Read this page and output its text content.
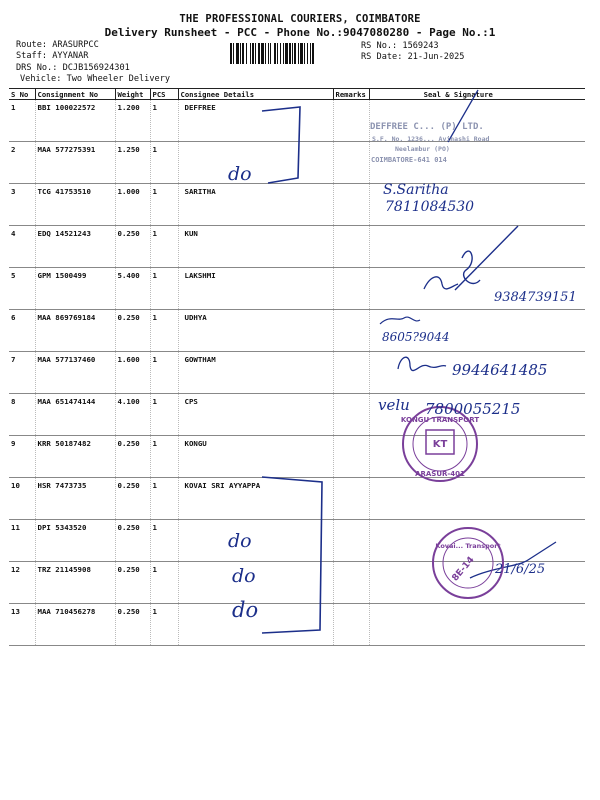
THE PROFESSIONAL COURIERS, COIMBATORE
Delivery Runsheet - PCC - Phone No.:9047080280 - Page No.:1
Route: ARASURPCC
Staff: AYYANAR
DRS No.: DCJB156924301
Vehicle: Two Wheeler Delivery
RS No.: 1569243
RS Date: 21-Jun-2025
S No	Consignment No	Weight	PCS	Consignee Details	Remarks	Seal & Signature
1	BBI 100022572	1.200	1	DEFFREE		
2	MAA 577275391	1.250	1			
3	TCG 41753510	1.000	1	SARITHA		
4	EDQ 14521243	0.250	1	KUN		
5	GPM 1500499	5.400	1	LAKSHMI		
6	MAA 869769184	0.250	1	UDHYA		
7	MAA 577137460	1.600	1	GOWTHAM		
8	MAA 651474144	4.100	1	CPS		
9	KRR 50187482	0.250	1	KONGU		
10	HSR 7473735	0.250	1	KOVAI SRI AYYAPPA		
11	DPI 5343520	0.250	1			
12	TRZ 21145908	0.250	1			
13	MAA 710456278	0.250	1			
DEFFREE C... (P) LTD.
S.F. No. 1236... Avinashi Road
Neelambur (PO)
COIMBATORE-641 014
KT
KONGU TRANSPORT
ARASUR-401
Kovai... Transport
8E-14
do
S.Saritha
7811084530
9384739151
8605?9044
9944641485
velu 7800055215
do
do
do
21/6/25
